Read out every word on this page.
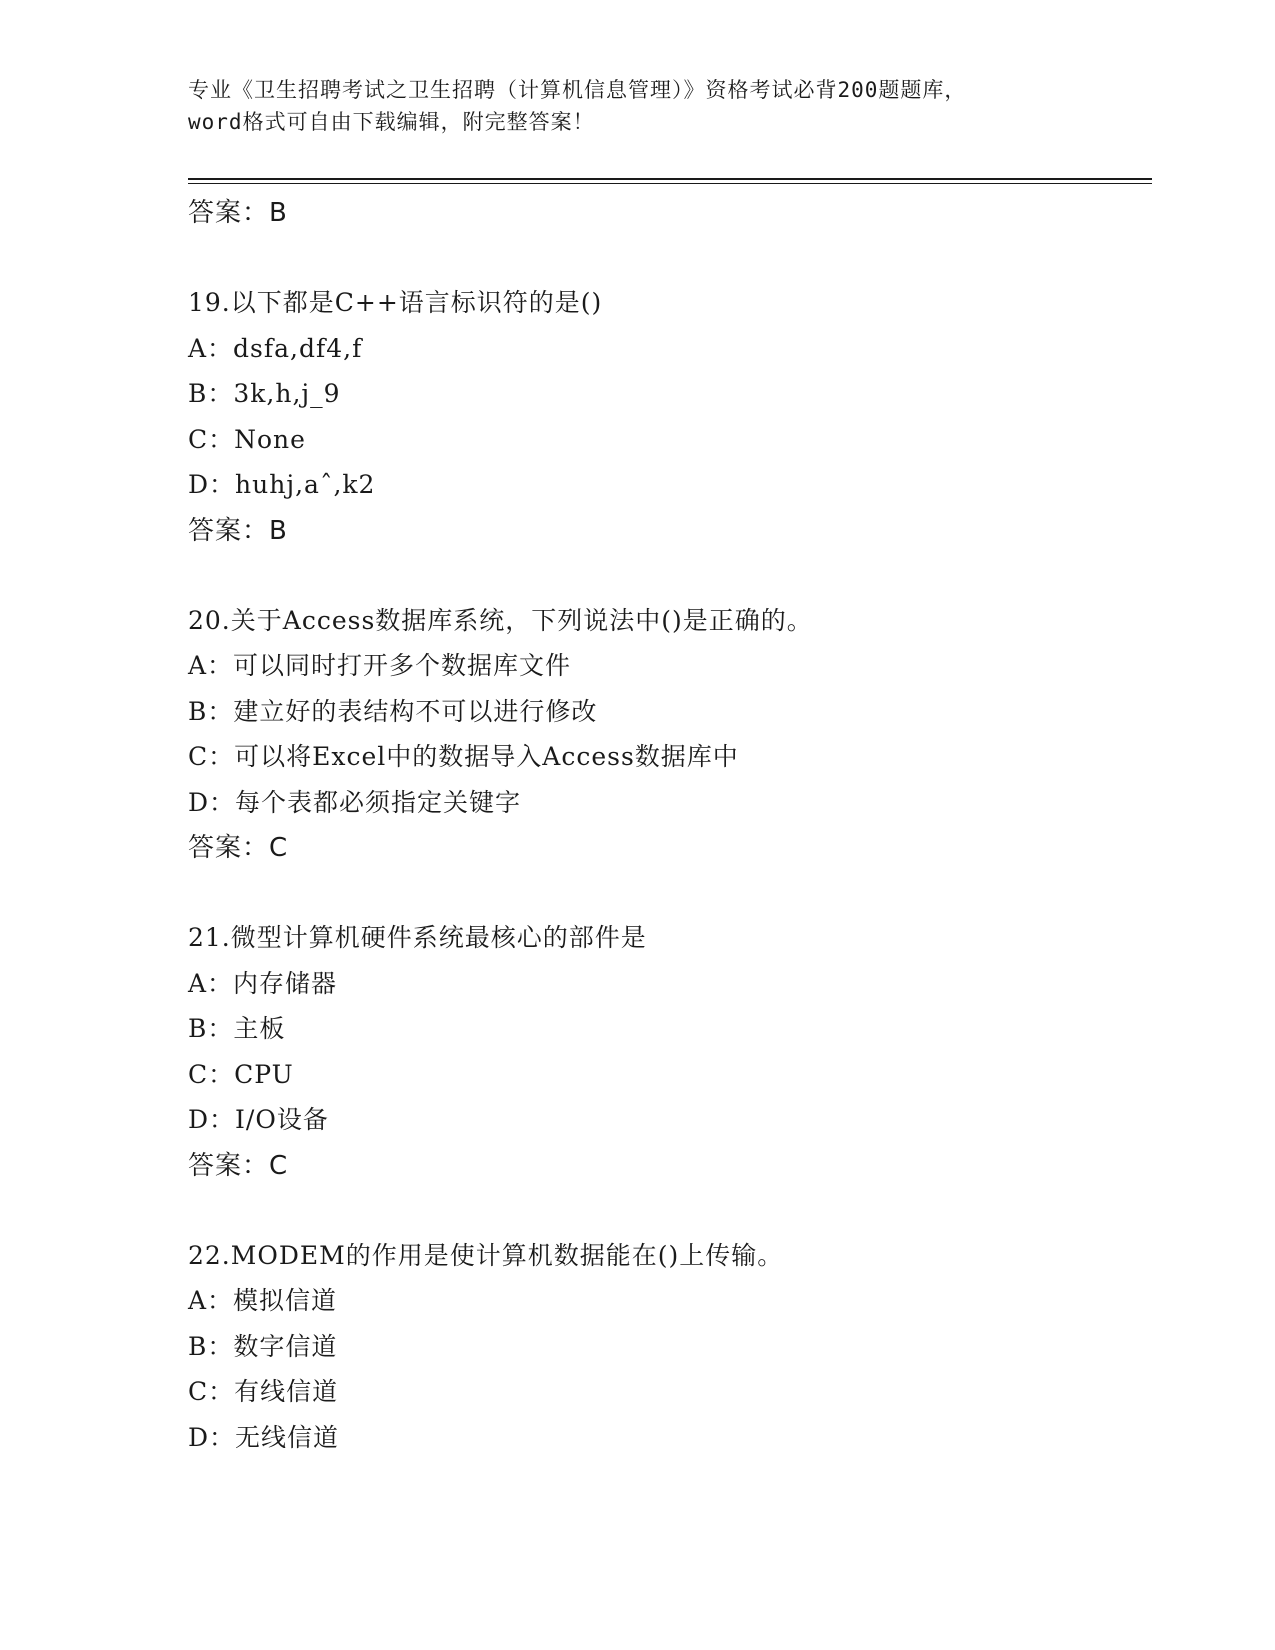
专业《卫生招聘考试之卫生招聘（计算机信息管理）》资格考试必背200题题库，
word格式可自由下载编辑，附完整答案！
答案：B
19.以下都是C++语言标识符的是()
A：dsfa,df4,f
B：3k,h,j_9
C：None
D：huhj,aˆ,k2
答案：B
20.关于Access数据库系统，下列说法中()是正确的。
A：可以同时打开多个数据库文件
B：建立好的表结构不可以进行修改
C：可以将Excel中的数据导入Access数据库中
D：每个表都必须指定关键字
答案：C
21.微型计算机硬件系统最核心的部件是
A：内存储器
B：主板
C：CPU
D：I/O设备
答案：C
22.MODEM的作用是使计算机数据能在()上传输。
A：模拟信道
B：数字信道
C：有线信道
D：无线信道
